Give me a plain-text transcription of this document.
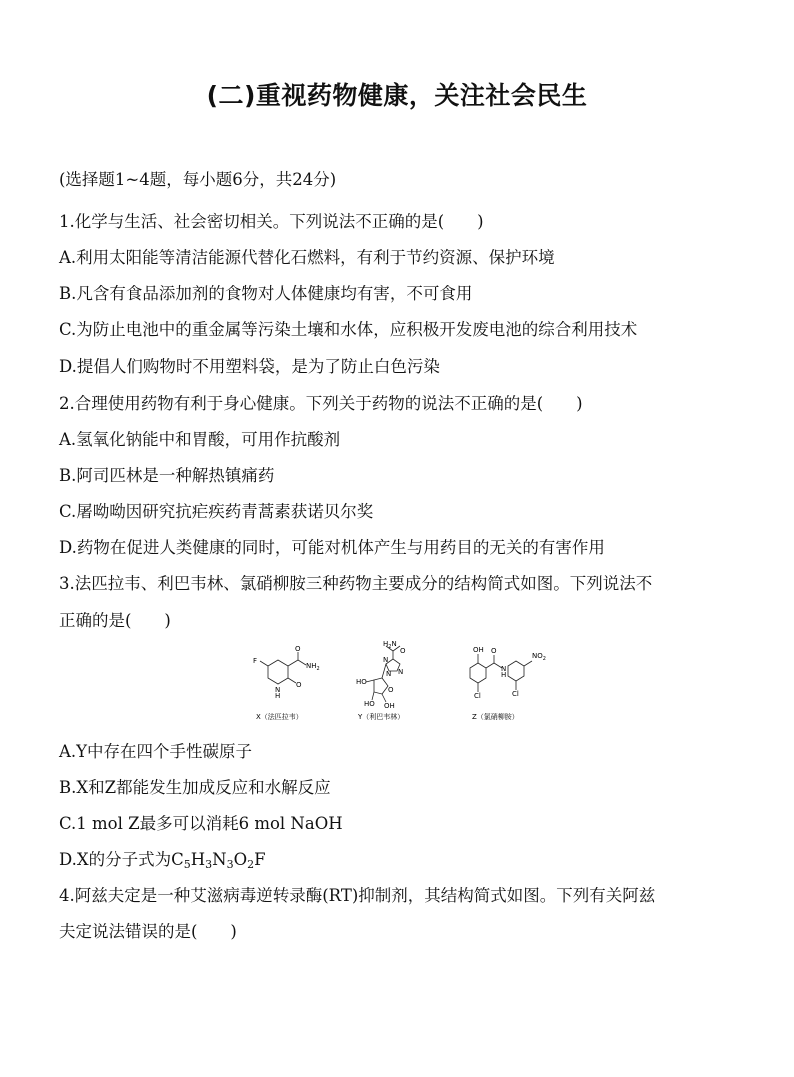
(二)重视药物健康，关注社会民生
(选择题1~4题，每小题6分，共24分)
1.化学与生活、社会密切相关。下列说法不正确的是(　　)
A.利用太阳能等清洁能源代替化石燃料，有利于节约资源、保护环境
B.凡含有食品添加剂的食物对人体健康均有害，不可食用
C.为防止电池中的重金属等污染土壤和水体，应积极开发废电池的综合利用技术
D.提倡人们购物时不用塑料袋，是为了防止白色污染
2.合理使用药物有利于身心健康。下列关于药物的说法不正确的是(　　)
A.氢氧化钠能中和胃酸，可用作抗酸剂
B.阿司匹林是一种解热镇痛药
C.屠呦呦因研究抗疟疾药青蒿素获诺贝尔奖
D.药物在促进人类健康的同时，可能对机体产生与用药目的无关的有害作用
3.法匹拉韦、利巴韦林、氯硝柳胺三种药物主要成分的结构简式如图。下列说法不
正确的是(　　)
F
O
$NH_2$
N
H
O
X（法匹拉韦）
$H_2N$
O
N
N
N
HO
O
HO OH
Y（利巴韦林）
OH
$NO_2$
O
N
H
Cl	Cl
Z（氯硝柳胺）
A.Y中存在四个手性碳原子
B.X和Z都能发生加成反应和水解反应
C.1 mol Z最多可以消耗6 mol NaOH
D.X的分子式为$C_5H_3N_3O_2F$
4.阿兹夫定是一种艾滋病毒逆转录酶(RT)抑制剂，其结构简式如图。下列有关阿兹
夫定说法错误的是(　　)
